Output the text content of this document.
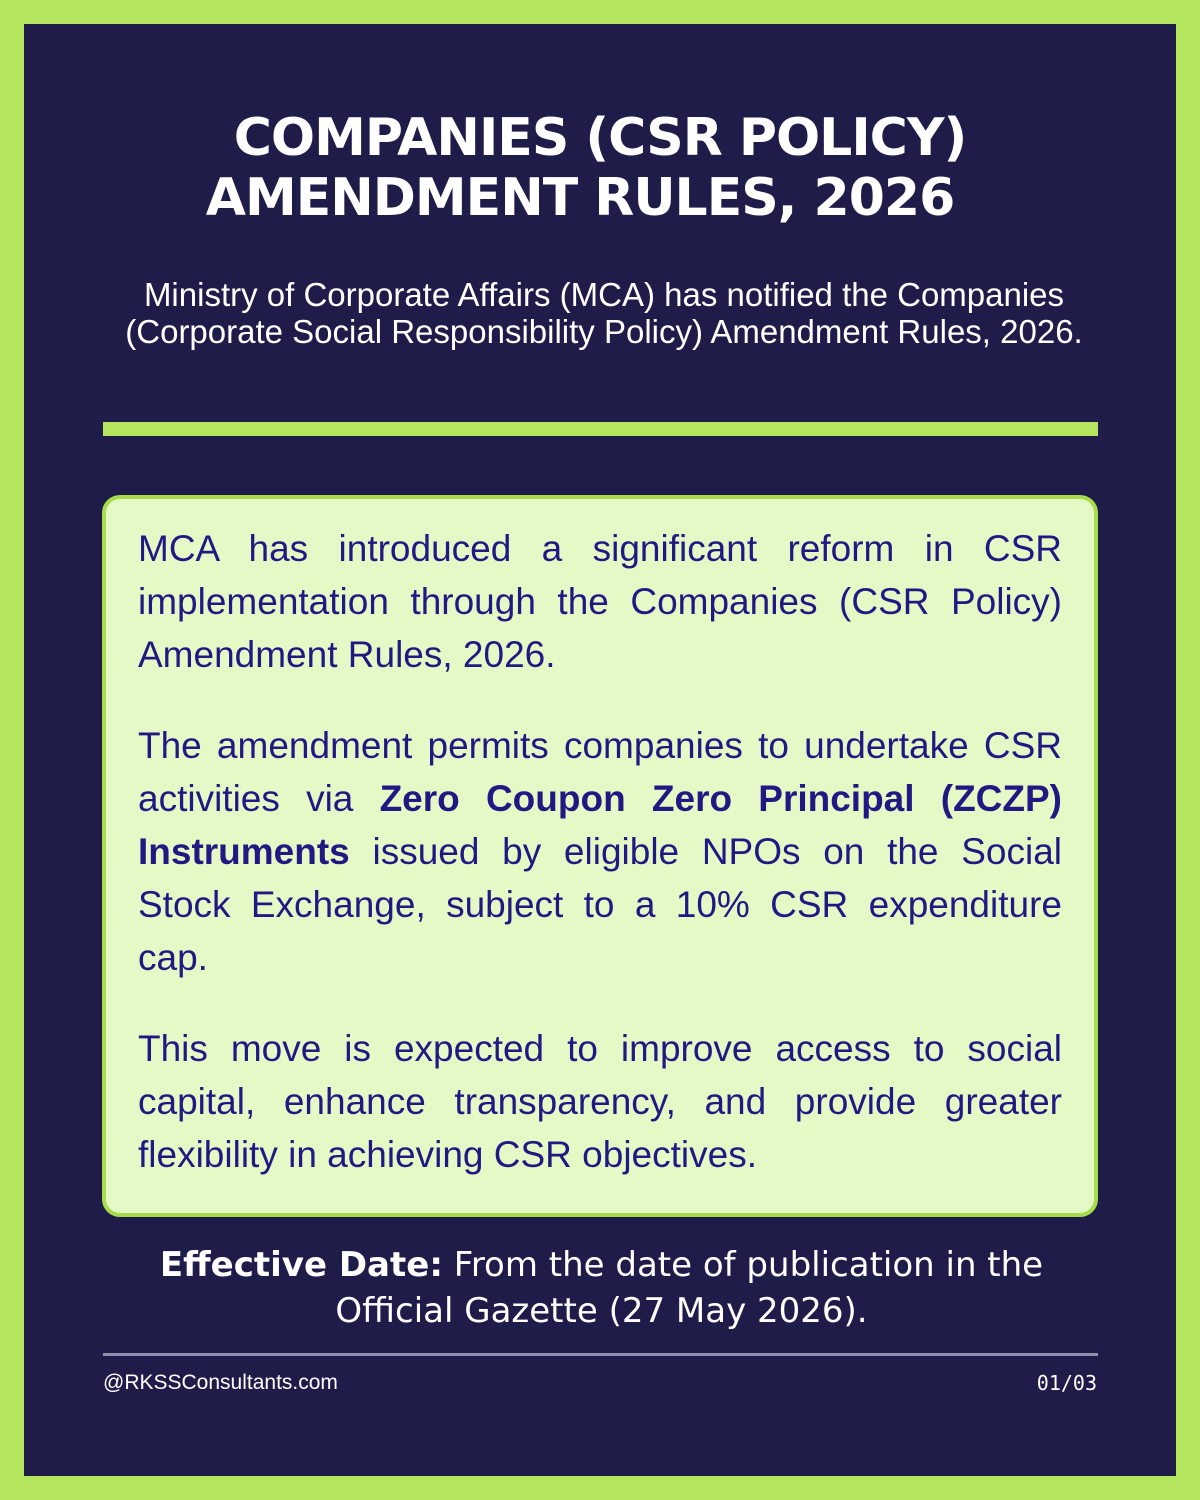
COMPANIES (CSR POLICY)
AMENDMENT RULES, 2026
Ministry of Corporate Affairs (MCA) has notified the Companies (Corporate Social Responsibility Policy) Amendment Rules, 2026.

MCA has introduced a significant reform in CSR implementation through the Companies (CSR Policy) Amendment Rules, 2026.

The amendment permits companies to undertake CSR activities via Zero Coupon Zero Principal (ZCZP) Instruments issued by eligible NPOs on the Social Stock Exchange, subject to a 10% CSR expenditure cap.

This move is expected to improve access to social capital, enhance transparency, and provide greater flexibility in achieving CSR objectives.

Effective Date: From the date of publication in the Official Gazette (27 May 2026).
@RKSSConsultants.com	01/03
